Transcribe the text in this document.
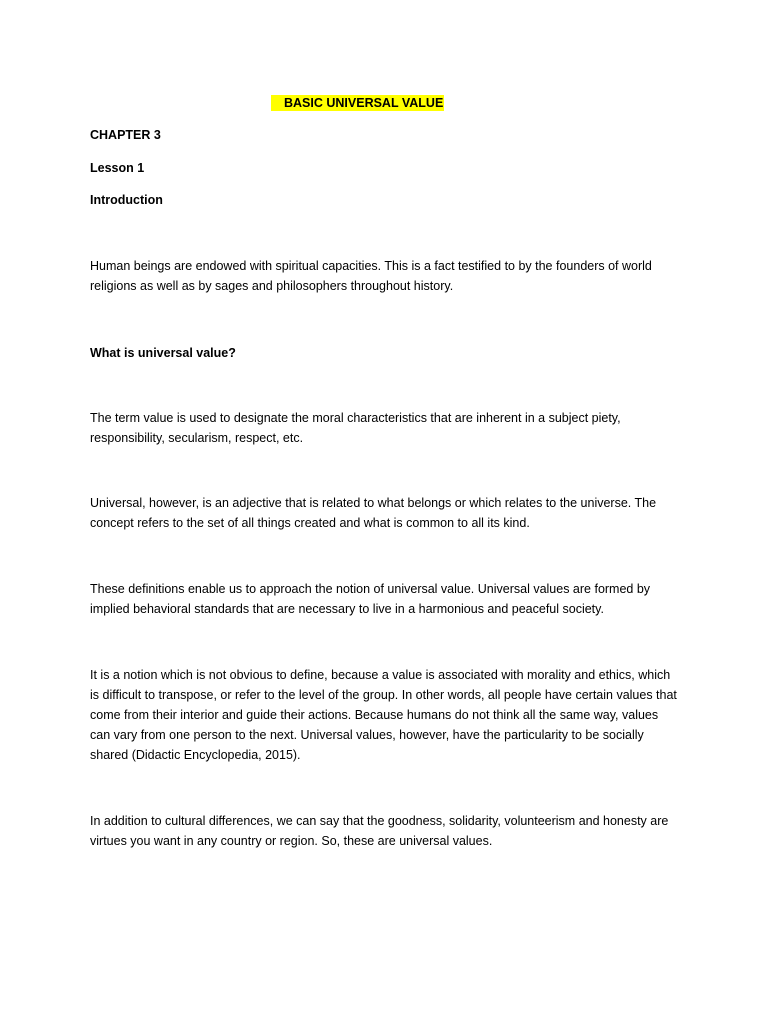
BASIC UNIVERSAL VALUE
CHAPTER 3
Lesson 1
Introduction

Human beings are endowed with spiritual capacities. This is a fact testified to by the founders of world religions as well as by sages and philosophers throughout history.

What is universal value?

The term value is used to designate the moral characteristics that are inherent in a subject piety, responsibility, secularism, respect, etc.

Universal, however, is an adjective that is related to what belongs or which relates to the universe. The concept refers to the set of all things created and what is common to all its kind.

These definitions enable us to approach the notion of universal value. Universal values are formed by implied behavioral standards that are necessary to live in a harmonious and peaceful society.

It is a notion which is not obvious to define, because a value is associated with morality and ethics, which is difficult to transpose, or refer to the level of the group. In other words, all people have certain values that come from their interior and guide their actions. Because humans do not think all the same way, values can vary from one person to the next. Universal values, however, have the particularity to be socially shared (Didactic Encyclopedia, 2015).

In addition to cultural differences, we can say that the goodness, solidarity, volunteerism and honesty are virtues you want in any country or region. So, these are universal values.
